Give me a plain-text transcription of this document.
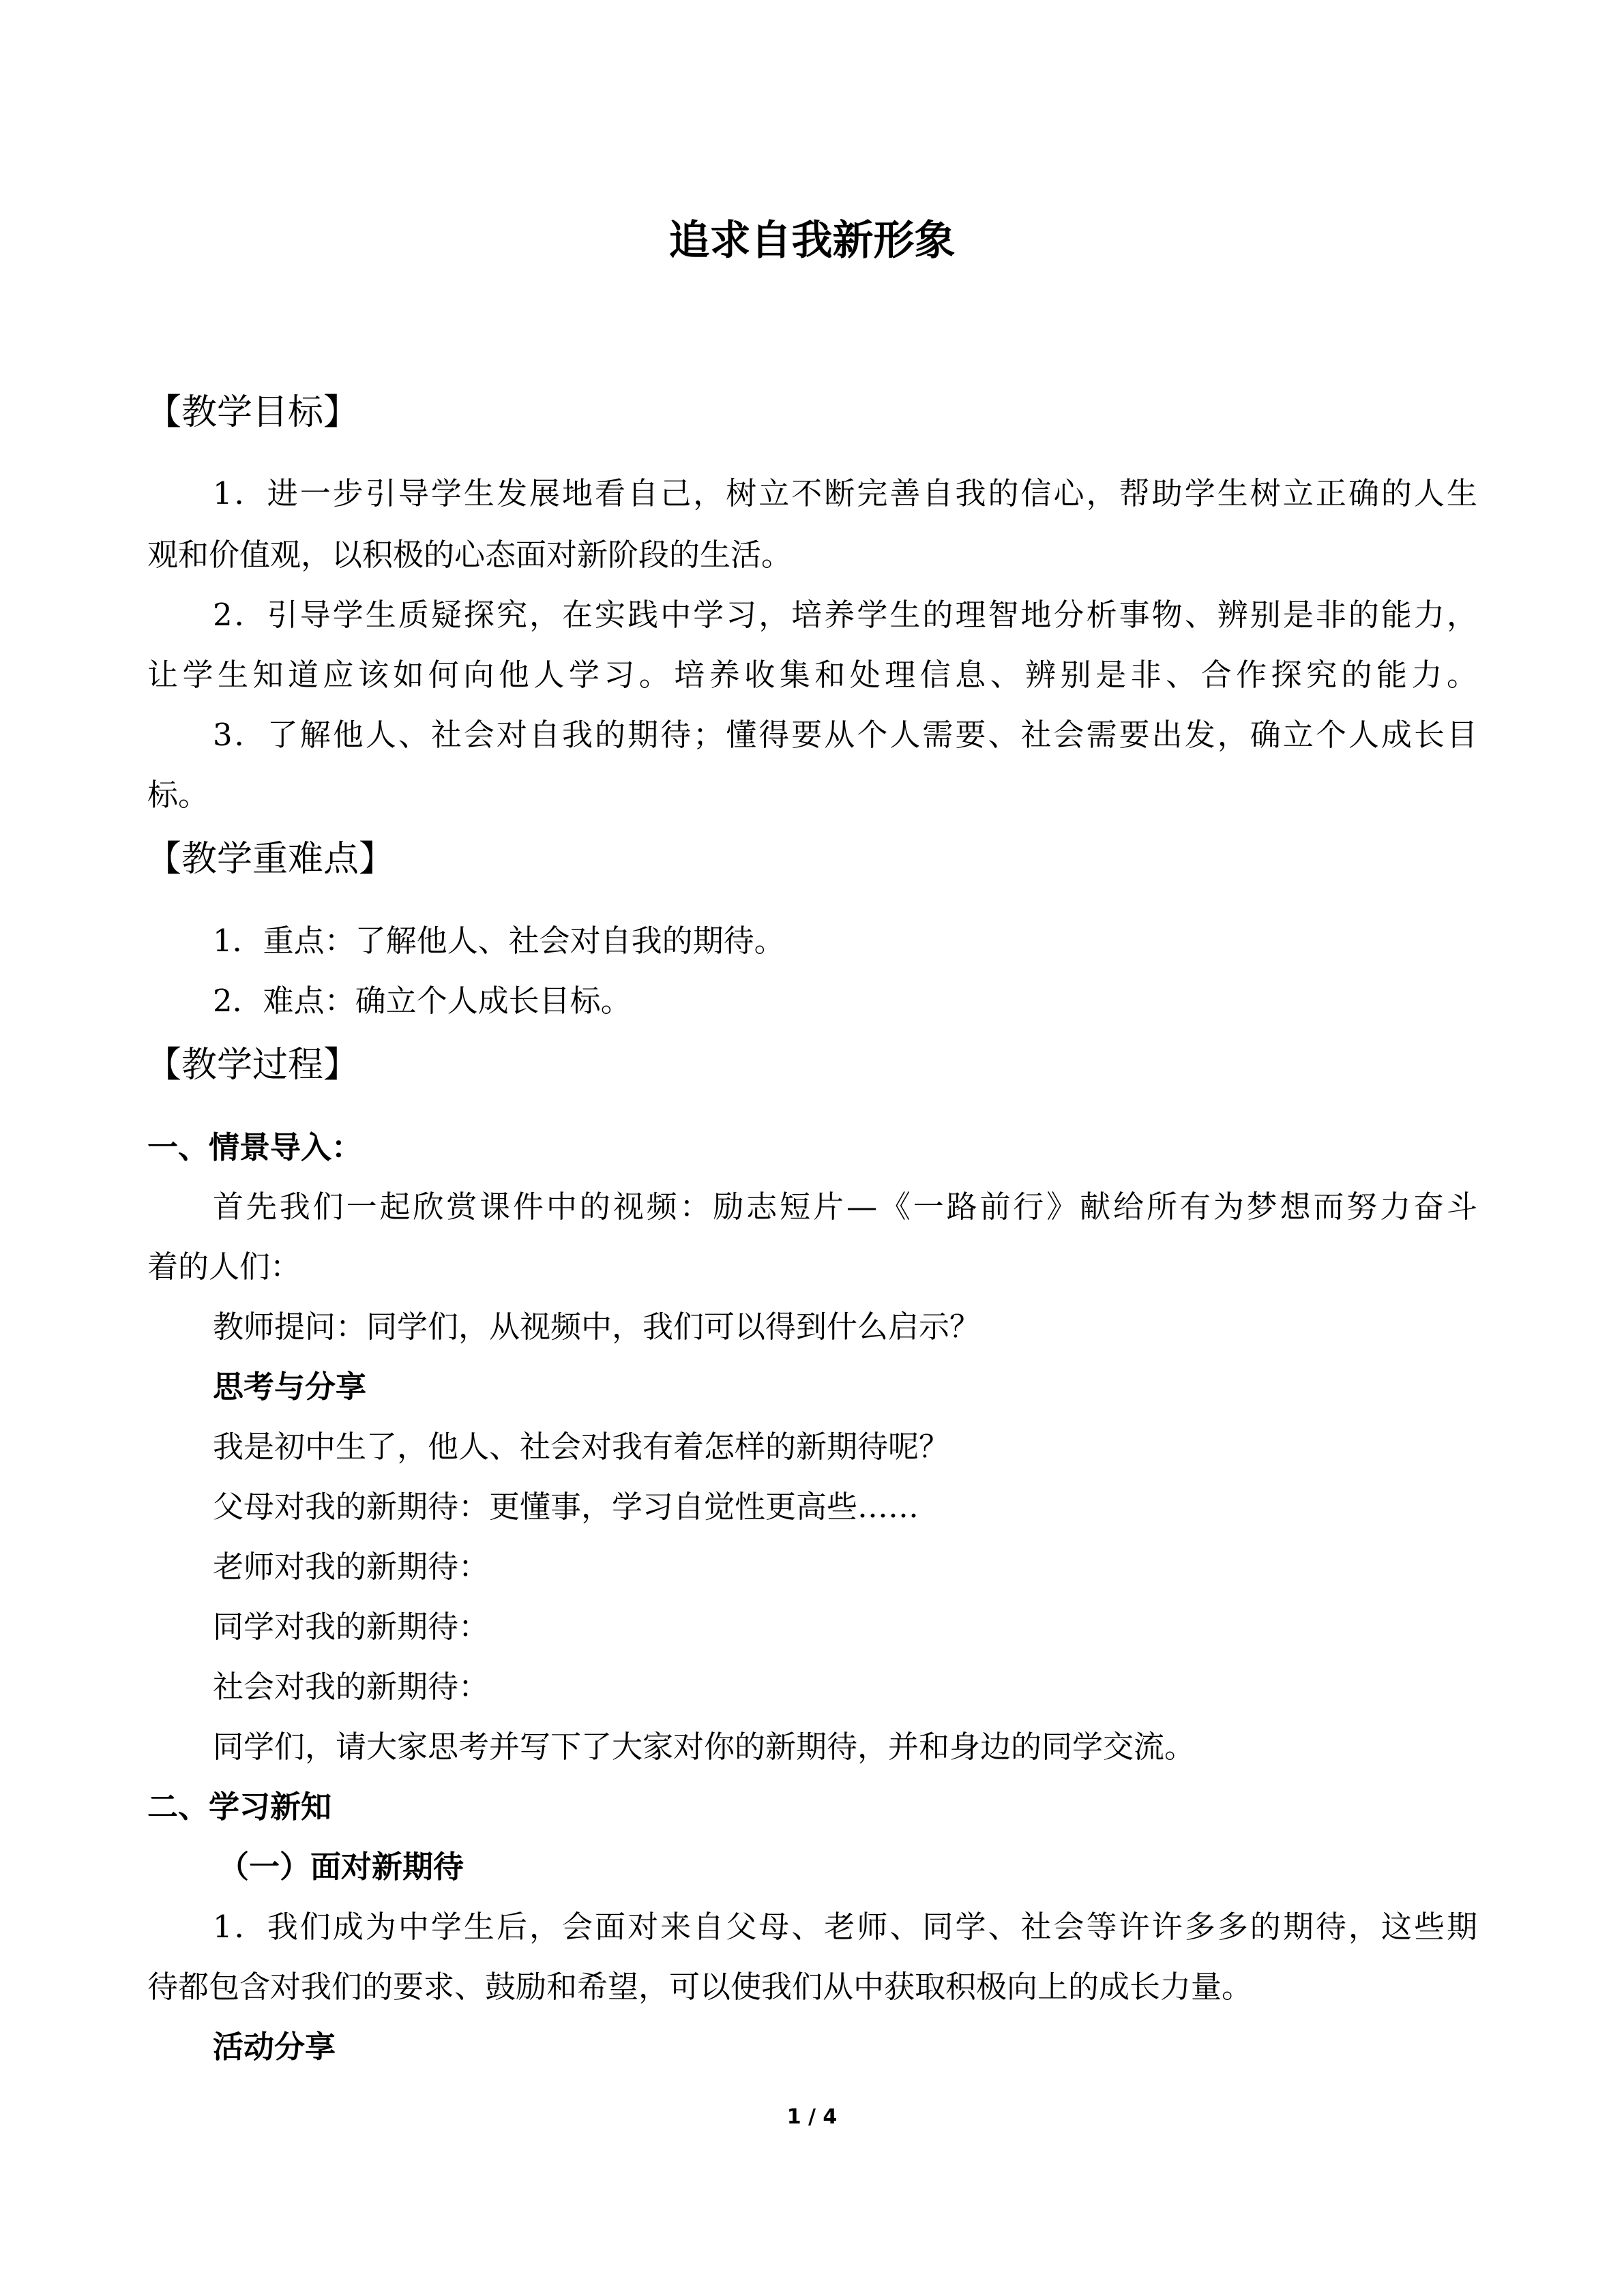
追求自我新形象
【教学目标】
1．进一步引导学生发展地看自己，树立不断完善自我的信心，帮助学生树立正确的人生
观和价值观，以积极的心态面对新阶段的生活。
2．引导学生质疑探究，在实践中学习，培养学生的理智地分析事物、辨别是非的能力，
让学生知道应该如何向他人学习。培养收集和处理信息、辨别是非、合作探究的能力。
3．了解他人、社会对自我的期待；懂得要从个人需要、社会需要出发，确立个人成长目
标。
【教学重难点】
1．重点：了解他人、社会对自我的期待。
2．难点：确立个人成长目标。
【教学过程】
一、情景导入：
首先我们一起欣赏课件中的视频：励志短片—《一路前行》献给所有为梦想而努力奋斗
着的人们：
教师提问：同学们，从视频中，我们可以得到什么启示？
思考与分享
我是初中生了，他人、社会对我有着怎样的新期待呢？
父母对我的新期待：更懂事，学习自觉性更高些……
老师对我的新期待：
同学对我的新期待：
社会对我的新期待：
同学们，请大家思考并写下了大家对你的新期待，并和身边的同学交流。
二、学习新知
（一）面对新期待
1．我们成为中学生后，会面对来自父母、老师、同学、社会等许许多多的期待，这些期
待都包含对我们的要求、鼓励和希望，可以使我们从中获取积极向上的成长力量。
活动分享
1 / 4
